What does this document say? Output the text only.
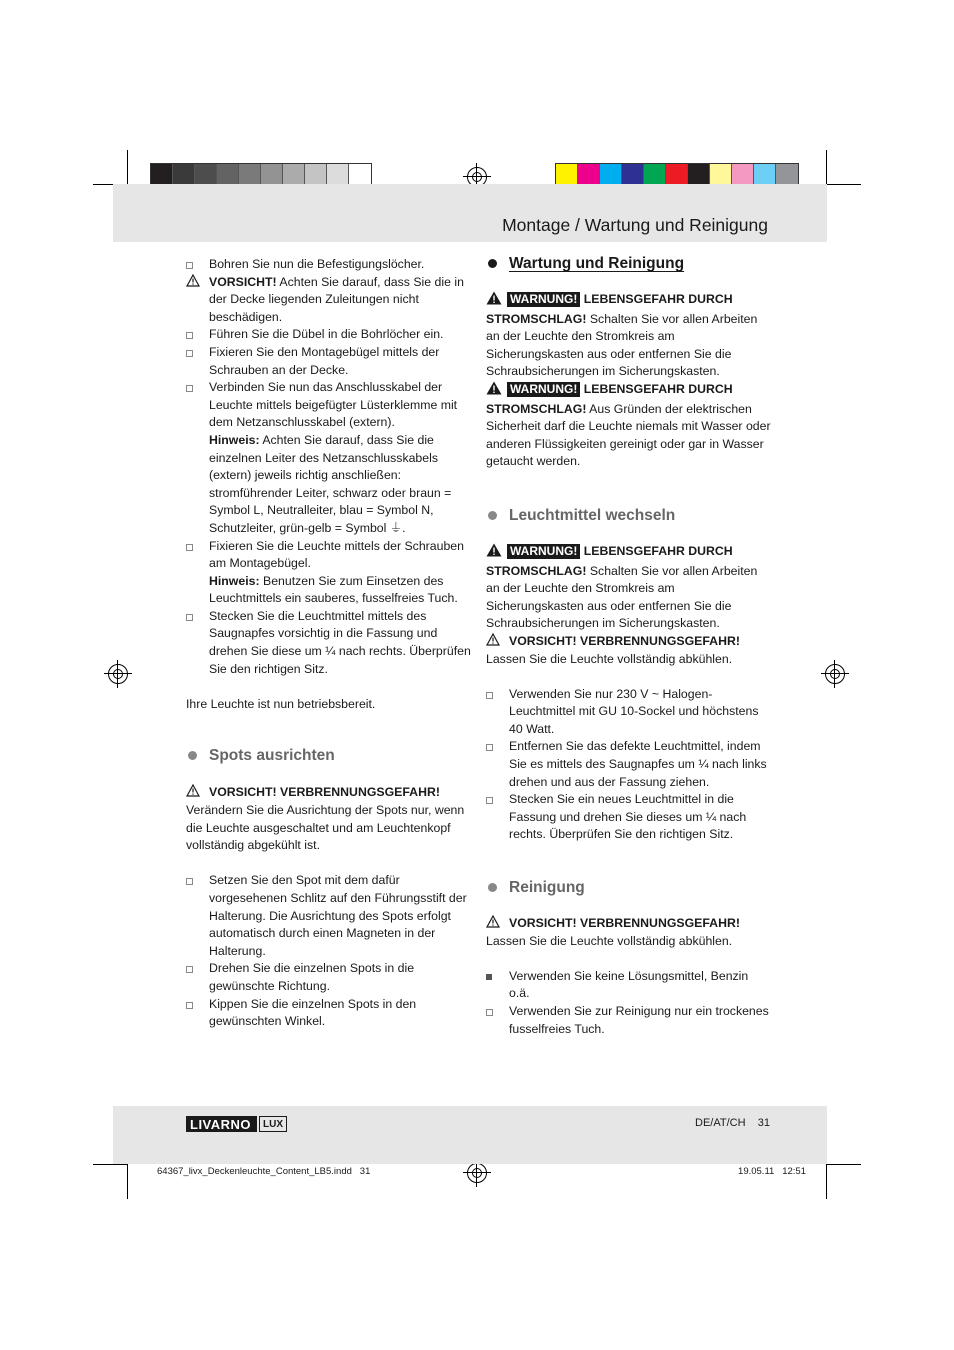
Montage / Wartung und Reinigung
Bohren Sie nun die Befestigungslöcher.
VORSICHT! Achten Sie darauf, dass Sie die in der Decke liegenden Zuleitungen nicht beschädigen.
Führen Sie die Dübel in die Bohrlöcher ein.
Fixieren Sie den Montagebügel mittels der Schrauben an der Decke.
Verbinden Sie nun das Anschlusskabel der Leuchte mittels beigefügter Lüsterklemme mit dem Netzanschlusskabel (extern).
Hinweis: Achten Sie darauf, dass Sie die einzelnen Leiter des Netzanschlusskabels (extern) jeweils richtig anschließen: stromführender Leiter, schwarz oder braun = Symbol L, Neutralleiter, blau = Symbol N, Schutzleiter, grün-gelb = Symbol ⏚.
Fixieren Sie die Leuchte mittels der Schrauben am Montagebügel.
Hinweis: Benutzen Sie zum Einsetzen des Leuchtmittels ein sauberes, fusselfreies Tuch.
Stecken Sie die Leuchtmittel mittels des Saugnapfes vorsichtig in die Fassung und drehen Sie diese um ¼ nach rechts. Überprüfen Sie den richtigen Sitz.

Ihre Leuchte ist nun betriebsbereit.

Spots ausrichten
VORSICHT! VERBRENNUNGSGEFAHR!

Verändern Sie die Ausrichtung der Spots nur, wenn die Leuchte ausgeschaltet und am Leuchtenkopf vollständig abgekühlt ist.

Setzen Sie den Spot mit dem dafür vorgesehenen Schlitz auf den Führungsstift der Halterung. Die Ausrichtung des Spots erfolgt automatisch durch einen Magneten in der Halterung.
Drehen Sie die einzelnen Spots in die gewünschte Richtung.
Kippen Sie die einzelnen Spots in den gewünschten Winkel.
Wartung und Reinigung

WARNUNG! LEBENSGEFAHR DURCH STROMSCHLAG! Schalten Sie vor allen Arbeiten an der Leuchte den Stromkreis am Sicherungskasten aus oder entfernen Sie die Schraubsicherungen im Sicherungskasten.

WARNUNG! LEBENSGEFAHR DURCH STROMSCHLAG! Aus Gründen der elektrischen Sicherheit darf die Leuchte niemals mit Wasser oder anderen Flüssigkeiten gereinigt oder gar in Wasser getaucht werden.

Leuchtmittel wechseln

WARNUNG! LEBENSGEFAHR DURCH STROMSCHLAG! Schalten Sie vor allen Arbeiten an der Leuchte den Stromkreis am Sicherungskasten aus oder entfernen Sie die Schraubsicherungen im Sicherungskasten.

VORSICHT! VERBRENNUNGSGEFAHR!

Lassen Sie die Leuchte vollständig abkühlen.

Verwenden Sie nur 230 V ~ Halogen-Leuchtmittel mit GU 10-Sockel und höchstens 40 Watt.
Entfernen Sie das defekte Leuchtmittel, indem Sie es mittels des Saugnapfes um ¼ nach links drehen und aus der Fassung ziehen.
Stecken Sie ein neues Leuchtmittel in die Fassung und drehen Sie dieses um ¼ nach rechts. Überprüfen Sie den richtigen Sitz.
Reinigung
VORSICHT! VERBRENNUNGSGEFAHR!

Lassen Sie die Leuchte vollständig abkühlen.

Verwenden Sie keine Lösungsmittel, Benzin o.ä.
Verwenden Sie zur Reinigung nur ein trockenes fusselfreies Tuch.
LIVARNO	LUX	DE/AT/CH    31
64367_livx_Deckenleuchte_Content_LB5.indd   31	19.05.11   12:51
